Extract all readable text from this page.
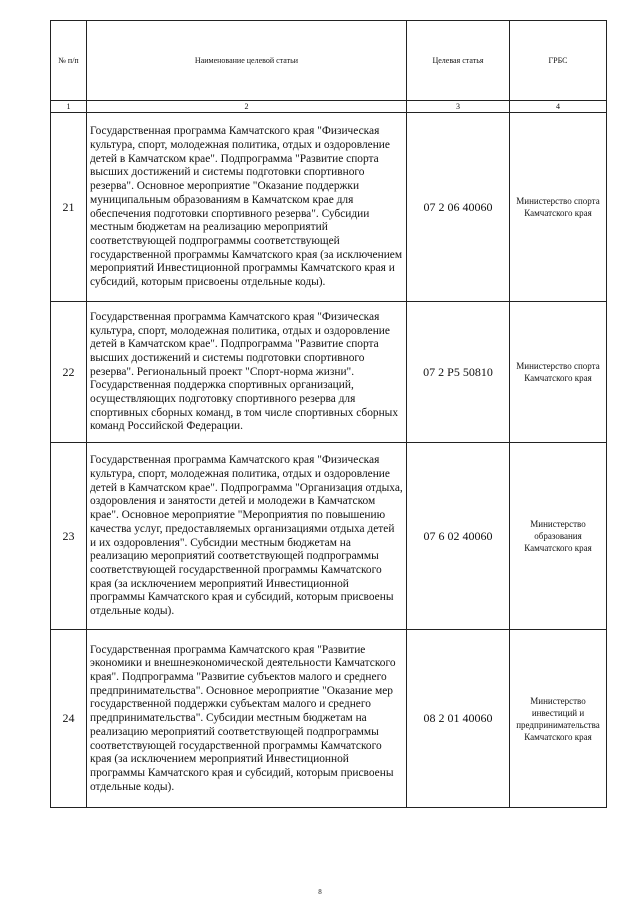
№ п/п	Наименование целевой статьи	Целевая статья	ГРБС
1	2	3	4
21	Государственная программа Камчатского края "Физическая культура, спорт, молодежная политика, отдых и оздоровление детей в Камчатском крае". Подпрограмма "Развитие спорта высших достижений и системы подготовки спортивного резерва". Основное мероприятие "Оказание поддержки муниципальным образованиям в Камчатском крае для обеспечения подготовки спортивного резерва". Субсидии местным бюджетам на реализацию мероприятий соответствующей подпрограммы соответствующей государственной программы Камчатского края (за исключением мероприятий Инвестиционной программы Камчатского края и субсидий, которым присвоены отдельные коды).	07 2 06 40060	Министерство спорта Камчатского края
22	Государственная программа Камчатского края "Физическая культура, спорт, молодежная политика, отдых и оздоровление детей в Камчатском крае". Подпрограмма "Развитие спорта высших достижений и системы подготовки спортивного резерва". Региональный проект "Спорт-норма жизни". Государственная поддержка спортивных организаций, осуществляющих подготовку спортивного резерва для спортивных сборных команд, в том числе спортивных сборных команд Российской Федерации.	07 2 P5 50810	Министерство спорта Камчатского края
23	Государственная программа Камчатского края "Физическая культура, спорт, молодежная политика, отдых и оздоровление детей в Камчатском крае". Подпрограмма "Организация отдыха, оздоровления и занятости детей и молодежи в Камчатском крае". Основное мероприятие "Мероприятия по повышению качества услуг, предоставляемых организациями отдыха детей и их оздоровления". Субсидии местным бюджетам на реализацию мероприятий соответствующей подпрограммы соответствующей государственной программы Камчатского края (за исключением мероприятий Инвестиционной программы Камчатского края и субсидий, которым присвоены отдельные коды).	07 6 02 40060	Министерство образования Камчатского края
24	Государственная программа Камчатского края "Развитие экономики и внешнеэкономической деятельности Камчатского края". Подпрограмма "Развитие субъектов малого и среднего предпринимательства". Основное мероприятие "Оказание мер государственной поддержки субъектам малого и среднего предпринимательства". Субсидии местным бюджетам на реализацию мероприятий соответствующей подпрограммы соответствующей государственной программы Камчатского края (за исключением мероприятий Инвестиционной программы Камчатского края и субсидий, которым присвоены отдельные коды).	08 2 01 40060	Министерство инвестиций и предпринимательства Камчатского края
8
